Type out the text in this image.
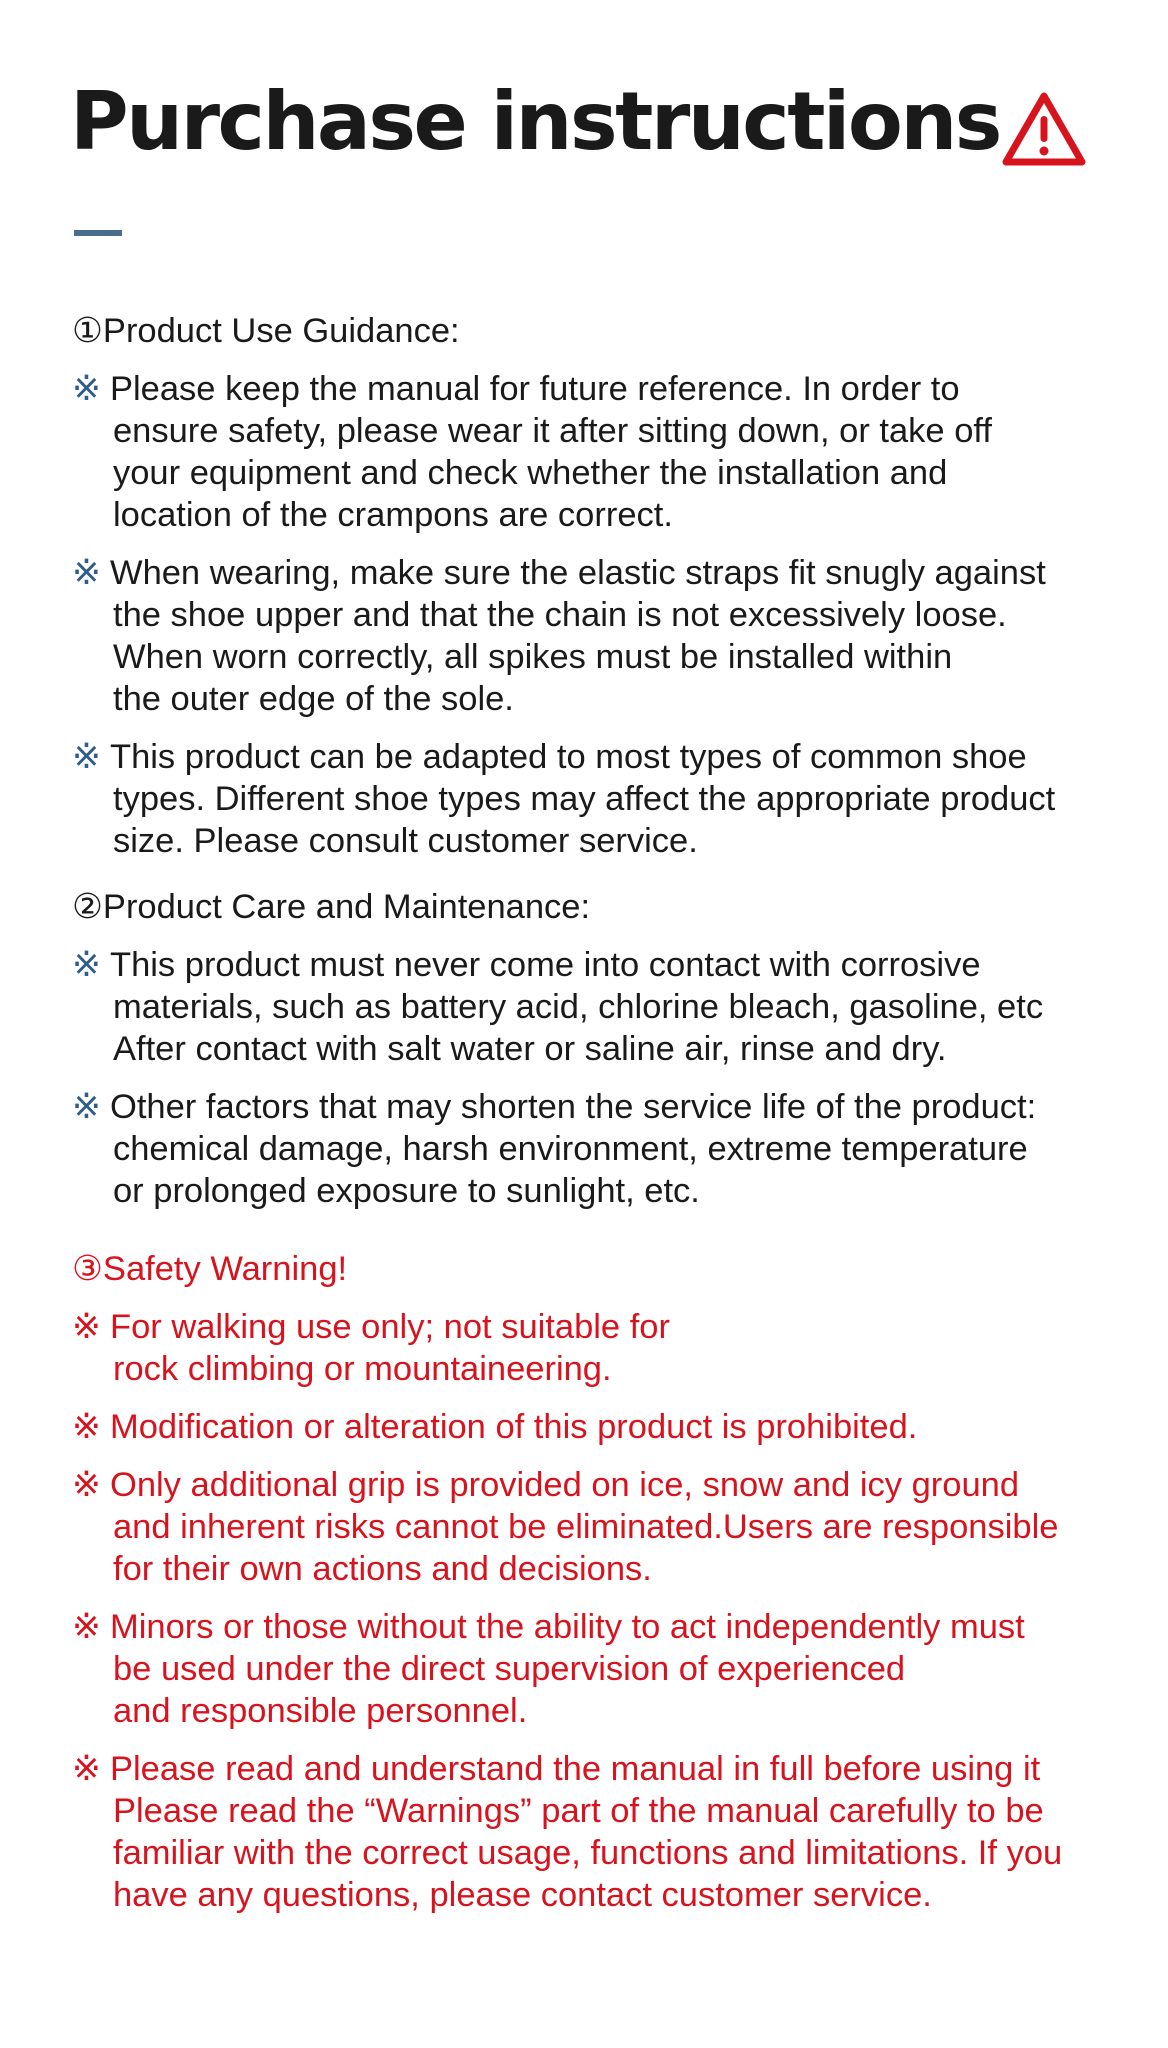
Purchase instructions
①Product Use Guidance:
※ Please keep the manual for future reference. In order to
ensure safety, please wear it after sitting down, or take off
your equipment and check whether the installation and
location of the crampons are correct.
※ When wearing, make sure the elastic straps fit snugly against
the shoe upper and that the chain is not excessively loose.
When worn correctly, all spikes must be installed within
the outer edge of the sole.
※ This product can be adapted to most types of common shoe
types. Different shoe types may affect the appropriate product
size. Please consult customer service.
②Product Care and Maintenance:
※ This product must never come into contact with corrosive
materials, such as battery acid, chlorine bleach, gasoline, etc
After contact with salt water or saline air, rinse and dry.
※ Other factors that may shorten the service life of the product:
chemical damage, harsh environment, extreme temperature
or prolonged exposure to sunlight, etc.
③Safety Warning!
※ For walking use only; not suitable for
rock climbing or mountaineering.
※ Modification or alteration of this product is prohibited.
※ Only additional grip is provided on ice, snow and icy ground
and inherent risks cannot be eliminated.Users are responsible
for their own actions and decisions.
※ Minors or those without the ability to act independently must
be used under the direct supervision of experienced
and responsible personnel.
※ Please read and understand the manual in full before using it
Please read the “Warnings” part of the manual carefully to be
familiar with the correct usage, functions and limitations. If you
have any questions, please contact customer service.
